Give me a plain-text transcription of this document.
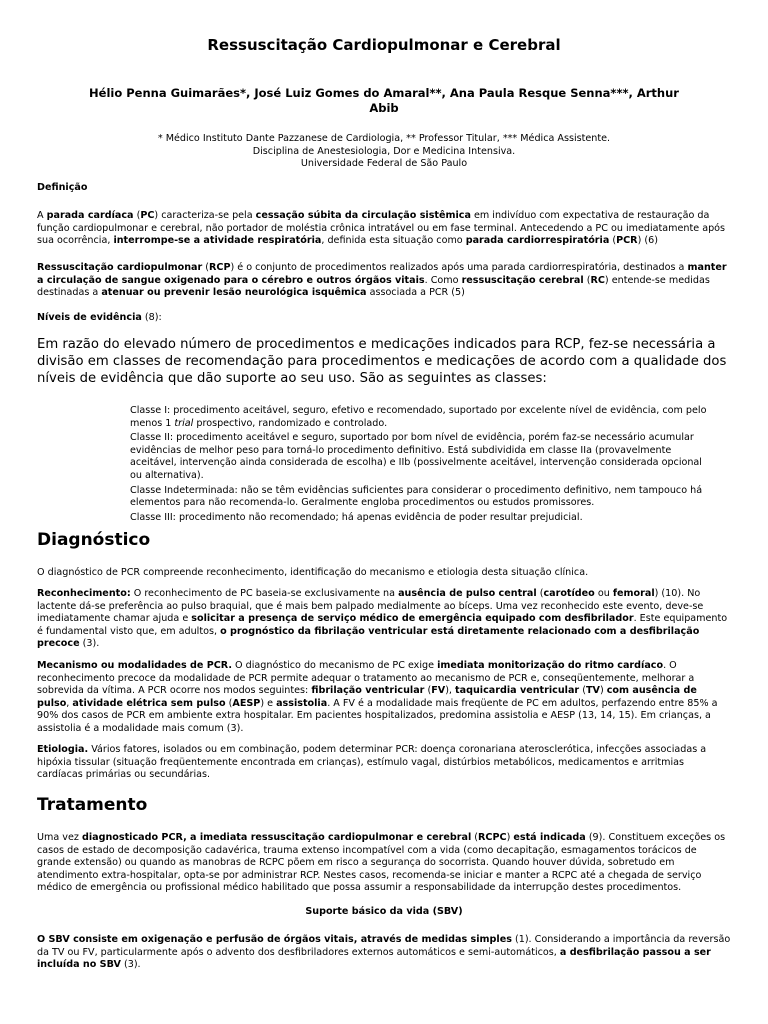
Ressuscitação Cardiopulmonar e Cerebral
Hélio Penna Guimarães*, José Luiz Gomes do Amaral**, Ana Paula Resque Senna***, Arthur
Abib
* Médico Instituto Dante Pazzanese de Cardiologia, ** Professor Titular, *** Médica Assistente.
Disciplina de Anestesiologia, Dor e Medicina Intensiva.
Universidade Federal de São Paulo
Definição

A parada cardíaca (PC) caracteriza-se pela cessação súbita da circulação sistêmica em indivíduo com expectativa de restauração da função cardiopulmonar e cerebral, não portador de moléstia crônica intratável ou em fase terminal. Antecedendo a PC ou imediatamente após sua ocorrência, interrompe-se a atividade respiratória, definida esta situação como parada cardiorrespiratória (PCR) (6)

Ressuscitação cardiopulmonar (RCP) é o conjunto de procedimentos realizados após uma parada cardiorrespiratória, destinados a manter a circulação de sangue oxigenado para o cérebro e outros órgãos vitais. Como ressuscitação cerebral (RC) entende-se medidas destinadas a atenuar ou prevenir lesão neurológica isquêmica associada a PCR (5)

Níveis de evidência (8):

Em razão do elevado número de procedimentos e medicações indicados para RCP, fez-se necessária a divisão em classes de recomendação para procedimentos e medicações de acordo com a qualidade dos níveis de evidência que dão suporte ao seu uso. São as seguintes as classes:

Classe I: procedimento aceitável, seguro, efetivo e recomendado, suportado por excelente nível de evidência, com pelo menos 1 trial prospectivo, randomizado e controlado.

Classe II: procedimento aceitável e seguro, suportado por bom nível de evidência, porém faz-se necessário acumular evidências de melhor peso para torná-lo procedimento definitivo. Está subdividida em classe IIa (provavelmente aceitável, intervenção ainda considerada de escolha) e IIb (possivelmente aceitável, intervenção considerada opcional ou alternativa).

Classe Indeterminada: não se têm evidências suficientes para considerar o procedimento definitivo, nem tampouco há elementos para não recomenda-lo. Geralmente engloba procedimentos ou estudos promissores.

Classe III: procedimento não recomendado; há apenas evidência de poder resultar prejudicial.

Diagnóstico

O diagnóstico de PCR compreende reconhecimento, identificação do mecanismo e etiologia desta situação clínica.

Reconhecimento: O reconhecimento de PC baseia-se exclusivamente na ausência de pulso central (carotídeo ou femoral) (10). No lactente dá-se preferência ao pulso braquial, que é mais bem palpado medialmente ao bíceps. Uma vez reconhecido este evento, deve-se imediatamente chamar ajuda e solicitar a presença de serviço médico de emergência equipado com desfibrilador. Este equipamento é fundamental visto que, em adultos, o prognóstico da fibrilação ventricular está diretamente relacionado com a desfibrilação precoce (3).

Mecanismo ou modalidades de PCR. O diagnóstico do mecanismo de PC exige imediata monitorização do ritmo cardíaco. O reconhecimento precoce da modalidade de PCR permite adequar o tratamento ao mecanismo de PCR e, conseqüentemente, melhorar a sobrevida da vítima. A PCR ocorre nos modos seguintes: fibrilação ventricular (FV), taquicardia ventricular (TV) com ausência de pulso, atividade elétrica sem pulso (AESP) e assistolia. A FV é a modalidade mais freqüente de PC em adultos, perfazendo entre 85% a 90% dos casos de PCR em ambiente extra hospitalar. Em pacientes hospitalizados, predomina assistolia e AESP (13, 14, 15). Em crianças, a assistolia é a modalidade mais comum (3).

Etiologia. Vários fatores, isolados ou em combinação, podem determinar PCR: doença coronariana aterosclerótica, infecções associadas a hipóxia tissular (situação freqüentemente encontrada em crianças), estímulo vagal, distúrbios metabólicos, medicamentos e arritmias cardíacas primárias ou secundárias.

Tratamento

Uma vez diagnosticado PCR, a imediata ressuscitação cardiopulmonar e cerebral (RCPC) está indicada (9). Constituem exceções os casos de estado de decomposição cadavérica, trauma extenso incompatível com a vida (como decapitação, esmagamentos torácicos de grande extensão) ou quando as manobras de RCPC põem em risco a segurança do socorrista. Quando houver dúvida, sobretudo em atendimento extra-hospitalar, opta-se por administrar RCP. Nestes casos, recomenda-se iniciar e manter a RCPC até a chegada de serviço médico de emergência ou profissional médico habilitado que possa assumir a responsabilidade da interrupção destes procedimentos.

Suporte básico da vida (SBV)

O SBV consiste em oxigenação e perfusão de órgãos vitais, através de medidas simples (1). Considerando a importância da reversão da TV ou FV, particularmente após o advento dos desfibriladores externos automáticos e semi-automáticos, a desfibrilação passou a ser incluída no SBV (3).
